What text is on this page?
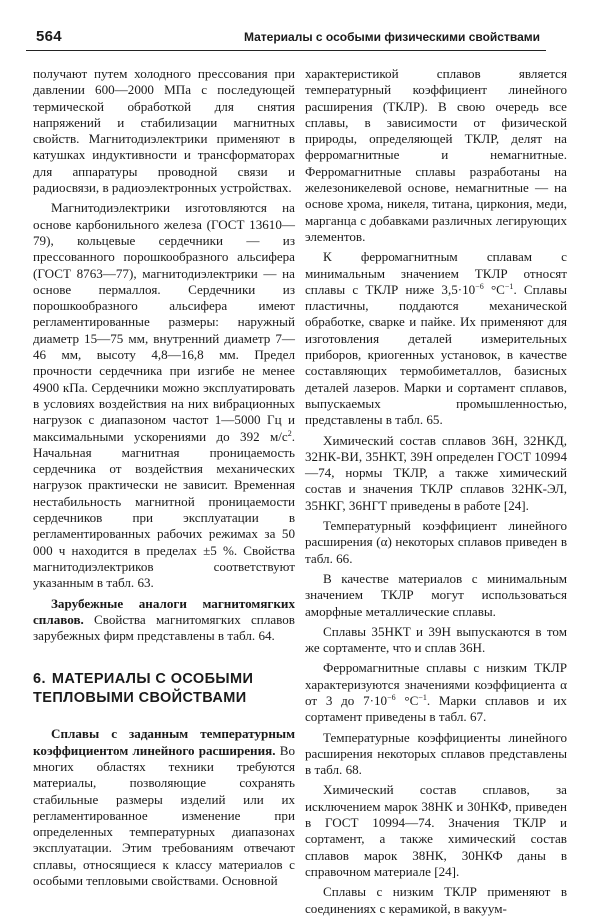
564	Материалы с особыми физическими свойствами

получают путем холодного прессования при давлении 600—2000 МПа с последующей термической обработкой для снятия напряжений и стабилизации магнитных свойств. Магнитодиэлектрики применяют в катушках индуктивности и трансформаторах для аппаратуры проводной связи и радиосвязи, в радиоэлектронных устройствах.

Магнитодиэлектрики изготовляются на основе карбонильного железа (ГОСТ 13610—79), кольцевые сердечники — из прессованного порошкообразного альсифера (ГОСТ 8763—77), магнитодиэлектрики — на основе пермаллоя. Сердечники из порошкообразного альсифера имеют регламентированные размеры: наружный диаметр 15—75 мм, внутренний диаметр 7—46 мм, высоту 4,8—16,8 мм. Предел прочности сердечника при изгибе не менее 4900 кПа. Сердечники можно эксплуатировать в условиях воздействия на них вибрационных нагрузок с диапазоном частот 1—5000 Гц и максимальными ускорениями до 392 $м/с^2$. Начальная магнитная проницаемость сердечника от воздействия механических нагрузок практически не зависит. Временная нестабильность магнитной проницаемости сердечников при эксплуатации в регламентированных рабочих режимах за 50 000 ч находится в пределах ±5 %. Свойства магнитодиэлектриков соответствуют указанным в табл. 63.

Зарубежные аналоги магнитомягких сплавов. Свойства магнитомягких сплавов зарубежных фирм представлены в табл. 64.

6. МАТЕРИАЛЫ С ОСОБЫМИ ТЕПЛОВЫМИ СВОЙСТВАМИ

Сплавы с заданным температурным коэффициентом линейного расширения. Во многих областях техники требуются материалы, позволяющие сохранять стабильные размеры изделий или их регламентированное изменение при определенных температурных диапазонах эксплуатации. Этим требованиям отвечают сплавы, относящиеся к классу материалов с особыми тепловыми свойствами. Основной

характеристикой сплавов является температурный коэффициент линейного расширения (ТКЛР). В свою очередь все сплавы, в зависимости от физической природы, определяющей ТКЛР, делят на ферромагнитные и немагнитные. Ферромагнитные сплавы разработаны на железоникелевой основе, немагнитные — на основе хрома, никеля, титана, циркония, меди, марганца с добавками различных легирующих элементов.

К ферромагнитным сплавам с минимальным значением ТКЛР относят сплавы с ТКЛР ниже $3,5\cdot 10^{-6}$ $^\circ С^{-1}$. Сплавы пластичны, поддаются механической обработке, сварке и пайке. Их применяют для изготовления деталей измерительных приборов, криогенных установок, в качестве составляющих термобиметаллов, базисных деталей лазеров. Марки и сортамент сплавов, выпускаемых промышленностью, представлены в табл. 65.

Химический состав сплавов 36Н, 32НКД, 32НК-ВИ, 35НКТ, 39Н определен ГОСТ 10994—74, нормы ТКЛР, а также химический состав и значения ТКЛР сплавов 32НК-ЭЛ, 35НКГ, 36НГТ приведены в работе [24].

Температурный коэффициент линейного расширения (α) некоторых сплавов приведен в табл. 66.

В качестве материалов с минимальным значением ТКЛР могут использоваться аморфные металлические сплавы.

Сплавы 35НКТ и 39Н выпускаются в том же сортаменте, что и сплав 36Н.

Ферромагнитные сплавы с низким ТКЛР характеризуются значениями коэффициента α от 3 до $7\cdot 10^{-6}$ $^\circ С^{-1}$. Марки сплавов и их сортамент приведены в табл. 67.

Температурные коэффициенты линейного расширения некоторых сплавов представлены в табл. 68.

Химический состав сплавов, за исключением марок 38НК и 30НКФ, приведен в ГОСТ 10994—74. Значения ТКЛР и сортамент, а также химический состав сплавов марок 38НК, 30НКФ даны в справочном материале [24].

Сплавы с низким ТКЛР применяют в соединениях с керамикой, в вакуум-
